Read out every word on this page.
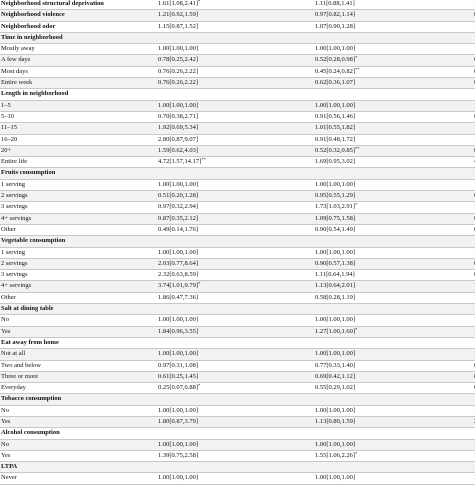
Neighborhood structural deprivation	1.61[1.08,2.41]*	1.11[0.88,1.41]	
Neighborhood violence	1.21[0.92,1.59]	0.97[0.82,1.14]	
Neighborhood odor	1.15[0.87,1.52]	1.07[0.90,1.28]	
Time in neighborhood			
Mostly away	1.00[1.00,1.00]	1.00[1.00,1.00]	
A few days	0.78[0.25,2.42]	0.52[0.28,0.98]*	
Most days	0.76[0.26,2.22]	0.45[0.24,0.82]**	
Entire week	0.76[0.26,2.22]	0.62[0.36,1.07]	
Length in neighborhood			
1–5	1.00[1.00,1.00]	1.00[1.00,1.00]	
5–10	0.70[0.38,2.71]	0.91[0.56,1.46]	
11–15	1.92[0.69,5.34]	1.01[0.55,1.82]	
16–20	2.80[0.87,9.07]	0.91[0.48,1.72]	
20+	1.59[0.62,4.03]	0.52[0.32,0.85]**	
Entire life	4.72[1.57,14.17]**	1.69[0.95,3.02]	
Fruits consumption			
1 serving	1.00[1.00,1.00]	1.00[1.00,1.00]	
2 servings	0.51[0.20,1.28]	0.95[0.55,1.29]	
3 servings	0.97[0.32,2.94]	1.73[1.03,2.91]*	
4+ servings	0.87[0.35,2.12]	1.09[0.75,1.58]	
Other	0.49[0.14,1.76]	0.90[0.54,1.49]	
Vegetable consumption			
1 serving	1.00[1.00,1.00]	1.00[1.00,1.00]	
2 servings	2.03[0.77,8.64]	0.90[0.57,1.38]	
3 servings	2.32[0.63,8.59]	1.11[0.64,1.94]	
4+ servings	3.74[1.01,9.79]*	1.13[0.64,2.01]	
Other	1.86[0.47,7.36]	0.58[0.28,1.19]	
Salt at dining table			
No	1.00[1.00,1.00]	1.00[1.00,1.00]	
Yes	1.84[0.96,3.55]	1.27[1.00,1.60]*	
Eat away from home			
Not at all	1.00[1.00,1.00]	1.00[1.00,1.00]	
Two and below	0.97[0.31,1.08]	0.77[0.33,1.40]	
Three or more	0.61[0.25,1.45]	0.69[0.42,1.12]	
Everyday	0.25[0.07,0.88]*	0.55[0.29,1.02]	
Tobacco consumption			
No	1.00[1.00,1.00]	1.00[1.00,1.00]	
Yes	1.80[0.87,3.79]	1.13[0.80,1.59]	
Alcohol consumption			
No	1.00[1.00,1.00]	1.00[1.00,1.00]	
Yes	1.39[0.75,2.58]	1.55[1.06,2.26]*	
LTPA			
Never	1.00[1.00,1.00]	1.00[1.00,1.00]	
